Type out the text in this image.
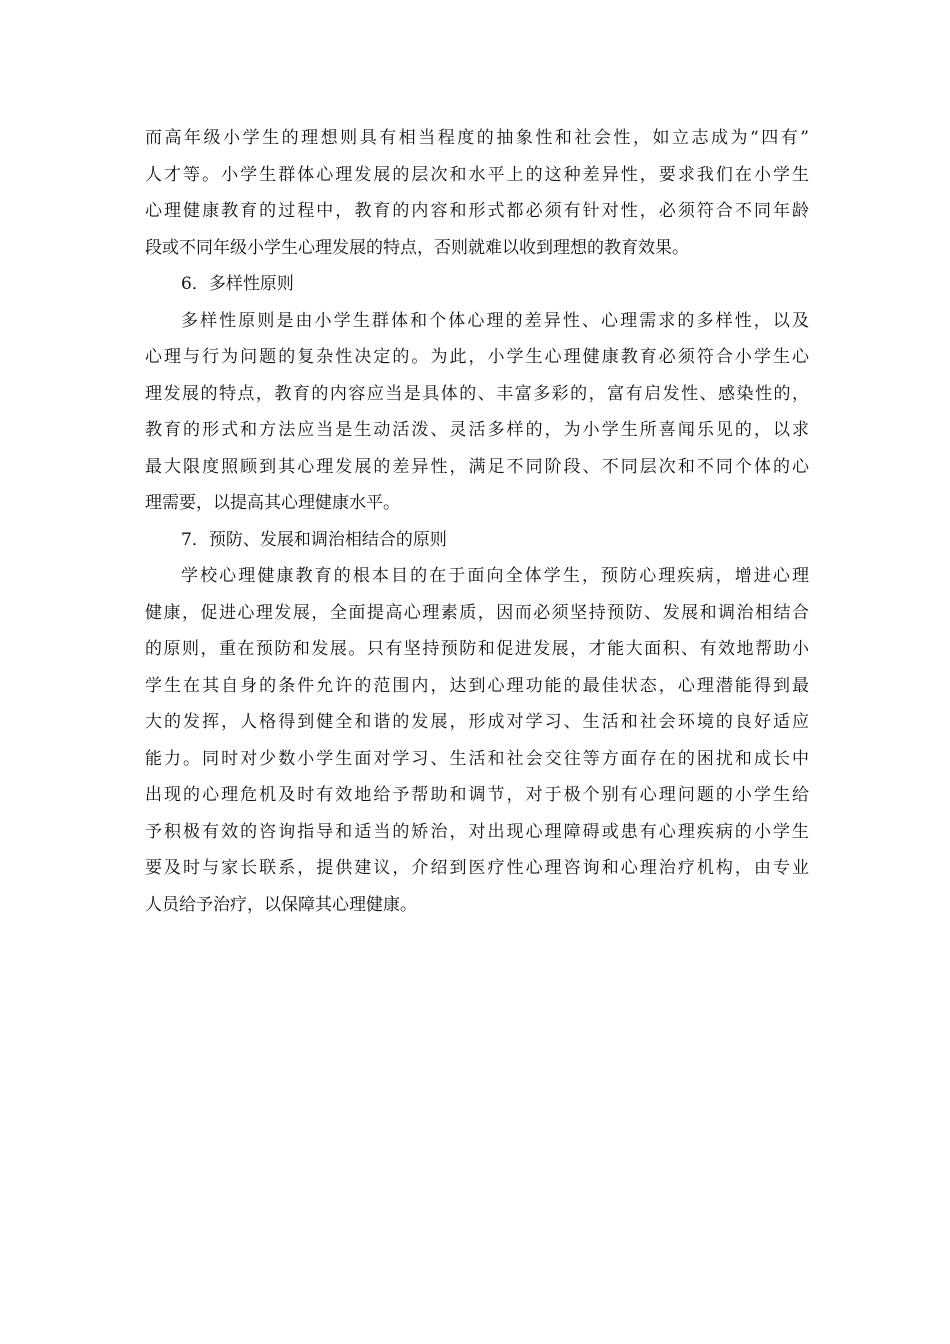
而高年级小学生的理想则具有相当程度的抽象性和社会性，如立志成为“四有”
人才等。小学生群体心理发展的层次和水平上的这种差异性，要求我们在小学生
心理健康教育的过程中，教育的内容和形式都必须有针对性，必须符合不同年龄
段或不同年级小学生心理发展的特点，否则就难以收到理想的教育效果。
6．多样性原则
多样性原则是由小学生群体和个体心理的差异性、心理需求的多样性，以及
心理与行为问题的复杂性决定的。为此，小学生心理健康教育必须符合小学生心
理发展的特点，教育的内容应当是具体的、丰富多彩的，富有启发性、感染性的，
教育的形式和方法应当是生动活泼、灵活多样的，为小学生所喜闻乐见的，以求
最大限度照顾到其心理发展的差异性，满足不同阶段、不同层次和不同个体的心
理需要，以提高其心理健康水平。
7．预防、发展和调治相结合的原则
学校心理健康教育的根本目的在于面向全体学生，预防心理疾病，增进心理
健康，促进心理发展，全面提高心理素质，因而必须坚持预防、发展和调治相结合
的原则，重在预防和发展。只有坚持预防和促进发展，才能大面积、有效地帮助小
学生在其自身的条件允许的范围内，达到心理功能的最佳状态，心理潜能得到最
大的发挥，人格得到健全和谐的发展，形成对学习、生活和社会环境的良好适应
能力。同时对少数小学生面对学习、生活和社会交往等方面存在的困扰和成长中
出现的心理危机及时有效地给予帮助和调节，对于极个别有心理问题的小学生给
予积极有效的咨询指导和适当的矫治，对出现心理障碍或患有心理疾病的小学生
要及时与家长联系，提供建议，介绍到医疗性心理咨询和心理治疗机构，由专业
人员给予治疗，以保障其心理健康。
